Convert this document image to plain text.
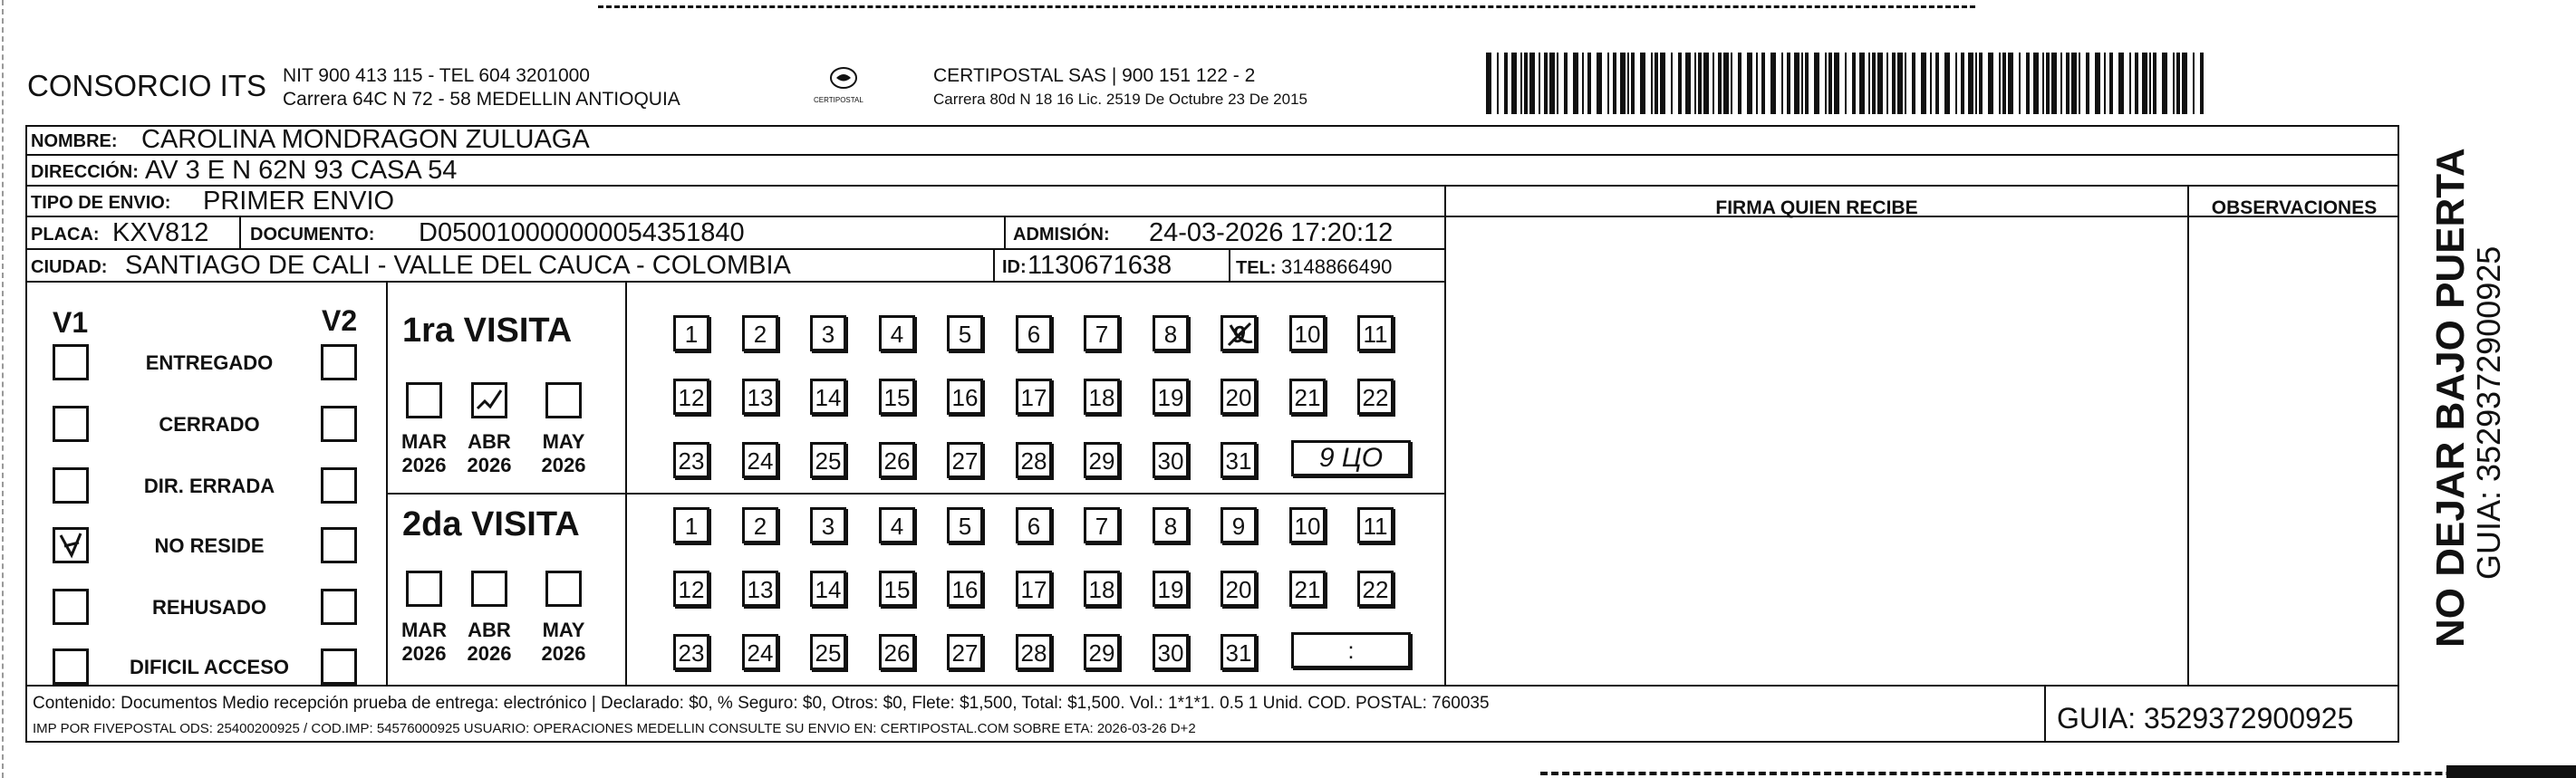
CONSORCIO ITS NIT 900 413 115 - TEL 604 3201000
Carrera 64C N 72 - 58 MEDELLIN ANTIOQUIA	CERTIPOSTAL
CERTIPOSTAL SAS | 900 151 122 - 2
Carrera 80d N 18 16 Lic. 2519 De Octubre 23 De 2015
NOMBRE: CAROLINA MONDRAGON ZULUAGA
DIRECCIÓN: AV 3 E N 62N 93 CASA 54
TIPO DE ENVIO: PRIMER ENVIO	FIRMA QUIEN RECIBE	OBSERVACIONES
PLACA: KXV812 DOCUMENTO: D050010000000054351840	ADMISIÓN: 24-03-2026 17:20:12
CIUDAD: SANTIAGO DE CALI - VALLE DEL CAUCA - COLOMBIA	ID: 1130671638	TEL: 3148866490
V1	V2
ENTREGADO
CERRADO
DIR. ERRADA
NO RESIDE
REHUSADO
DIFICIL ACCESO
1ra VISITA
MAR
2026
ABR
2026
MAY
2026
1	2	3	4	5	6	7	8	9	10 11
12 13 14 15 16 17 18 19 20 21 22
23 24 25 26 27 28 29 30 31	9 ЦО
2da VISITA
MAR
2026
ABR
2026
MAY
2026
1	2	3	4	5	6	7	8	9	10 11
12 13 14 15 16 17 18 19 20 21 22
23 24 25 26 27 28 29 30 31	:
Contenido: Documentos Medio recepción prueba de entrega: electrónico | Declarado: $0, % Seguro: $0, Otros: $0, Flete: $1,500, Total: $1,500. Vol.: 1*1*1. 0.5 1 Unid. COD. POSTAL: 760035
IMP POR FIVEPOSTAL ODS: 25400200925 / COD.IMP: 54576000925 USUARIO: OPERACIONES MEDELLIN CONSULTE SU ENVIO EN: CERTIPOSTAL.COM SOBRE ETA: 2026-03-26 D+2	GUIA: 3529372900925
NO DEJAR BAJO PUERTA
GUIA: 3529372900925
